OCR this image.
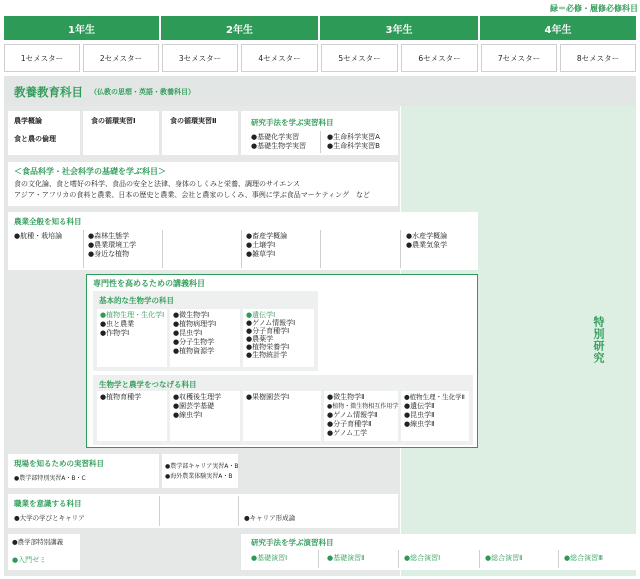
緑＝必修・履修必修科目
1年生	2年生	3年生	4年生
1セメスター	2セメスター	3セメスター	4セメスター	5セメスター	6セメスター	7セメスター	8セメスター
教養教育科目 （仏教の思想・英語・教養科目）
農学概論
食と農の倫理
食の循環実習Ⅰ	食の循環実習Ⅱ	研究手法を学ぶ実習科目
●基礎化学実習
●基礎生物学実習
●生命科学実習A
●生命科学実習B
＜食品科学・社会科学の基礎を学ぶ科目＞
食の文化論、食と嗜好の科学、食品の安全と法律、身体のしくみと栄養、調理のサイエンス
アジア・アフリカの食料と農業、日本の歴史と農業、会社と農家のしくみ、事例に学ぶ食品マーケティング　など
農業全般を知る科目
●航種・栽培論	●森林生態学
●農業環境工学
●身近な植物
●畜産学概論
●土壌学Ⅰ
●雑草学Ⅰ
●水産学概論
●農業気象学
専門性を高めるための講義科目
基本的な生物学の科目
●植物生理・生化学Ⅰ
●虫と農業
●作物学Ⅰ
●微生物学Ⅰ
●植物病理学Ⅰ
●昆虫学Ⅰ
●分子生物学
●植物資源学
●遺伝学Ⅰ
●ゲノム情報学Ⅰ
●分子育種学Ⅰ
●農薬学
●植物栄養学Ⅰ
●生物統計学
生物学と農学をつなげる科目
●植物育種学	●収穫後生理学
●園芸学基礎
●線虫学Ⅰ
●果樹園芸学Ⅰ	●微生物学Ⅱ
●植物・微生物相互作用学
●ゲノム情報学Ⅱ
●分子育種学Ⅱ
●ゲノム工学
●植物生理・生化学Ⅱ
●遺伝学Ⅱ
●昆虫学Ⅱ
●線虫学Ⅱ
特別研究
現場を知るための実習科目
●農学部特別実習A・B・C
●農学部キャリア実習A・B
●海外農業体験実習A・B
職業を意識する科目
●大学の学びとキャリア	●キャリア形成論
●農学部特別講義
●入門ゼミ
研究手法を学ぶ演習科目
●基礎演習Ⅰ	●基礎演習Ⅱ	●総合演習Ⅰ	●総合演習Ⅱ	●総合演習Ⅲ
